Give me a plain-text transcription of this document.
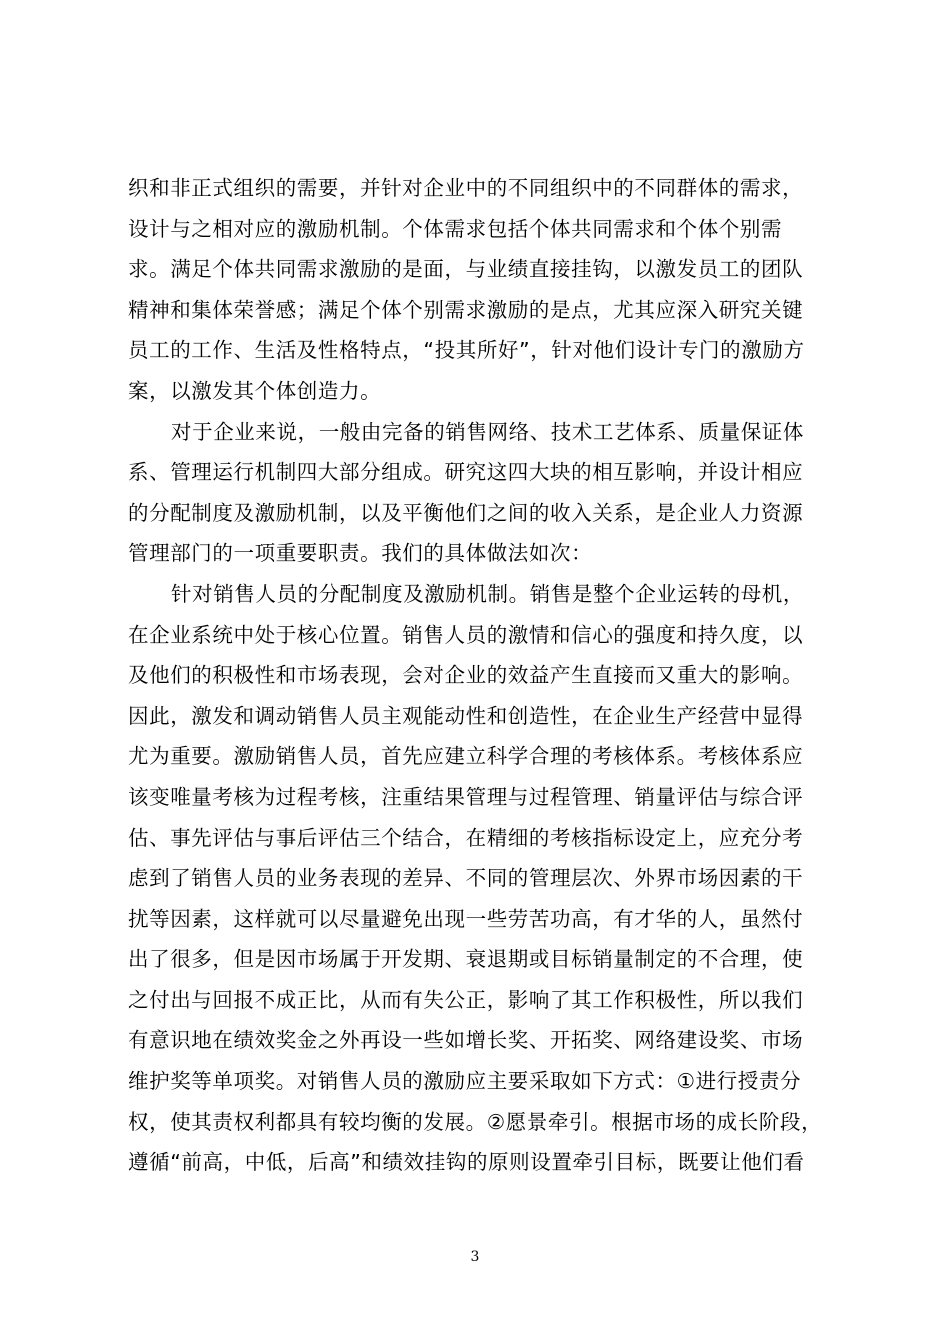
织和非正式组织的需要，并针对企业中的不同组织中的不同群体的需求，
设计与之相对应的激励机制。个体需求包括个体共同需求和个体个别需
求。满足个体共同需求激励的是面，与业绩直接挂钩，以激发员工的团队
精神和集体荣誉感；满足个体个别需求激励的是点，尤其应深入研究关键
员工的工作、生活及性格特点，“投其所好”，针对他们设计专门的激励方
案，以激发其个体创造力。
对于企业来说，一般由完备的销售网络、技术工艺体系、质量保证体
系、管理运行机制四大部分组成。研究这四大块的相互影响，并设计相应
的分配制度及激励机制，以及平衡他们之间的收入关系，是企业人力资源
管理部门的一项重要职责。我们的具体做法如次：
针对销售人员的分配制度及激励机制。销售是整个企业运转的母机，
在企业系统中处于核心位置。销售人员的激情和信心的强度和持久度，以
及他们的积极性和市场表现，会对企业的效益产生直接而又重大的影响。
因此，激发和调动销售人员主观能动性和创造性，在企业生产经营中显得
尤为重要。激励销售人员，首先应建立科学合理的考核体系。考核体系应
该变唯量考核为过程考核，注重结果管理与过程管理、销量评估与综合评
估、事先评估与事后评估三个结合，在精细的考核指标设定上，应充分考
虑到了销售人员的业务表现的差异、不同的管理层次、外界市场因素的干
扰等因素，这样就可以尽量避免出现一些劳苦功高，有才华的人，虽然付
出了很多，但是因市场属于开发期、衰退期或目标销量制定的不合理，使
之付出与回报不成正比，从而有失公正，影响了其工作积极性，所以我们
有意识地在绩效奖金之外再设一些如增长奖、开拓奖、网络建设奖、市场
维护奖等单项奖。对销售人员的激励应主要采取如下方式：①进行授责分
权，使其责权利都具有较均衡的发展。②愿景牵引。根据市场的成长阶段，
遵循“前高，中低，后高”和绩效挂钩的原则设置牵引目标，既要让他们看
3
